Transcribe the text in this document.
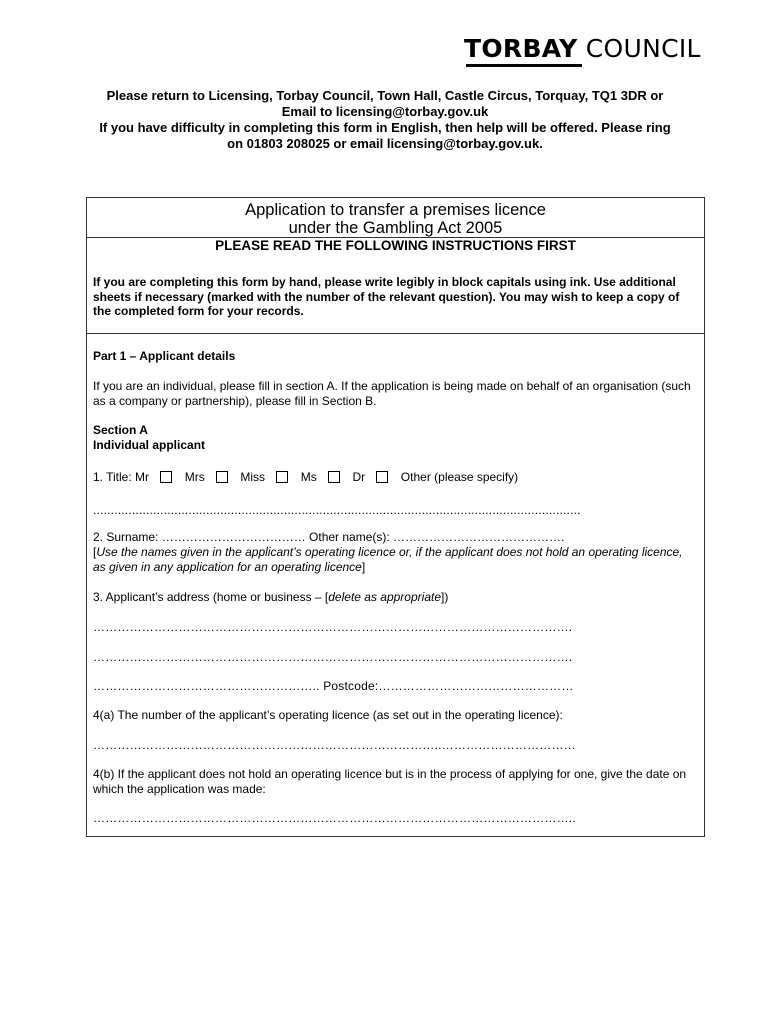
TORBAY COUNCIL
Please return to Licensing, Torbay Council, Town Hall, Castle Circus, Torquay, TQ1 3DR or
Email to licensing@torbay.gov.uk
If you have difficulty in completing this form in English, then help will be offered. Please ring
on 01803 208025 or email licensing@torbay.gov.uk.
Application to transfer a premises licence
under the Gambling Act 2005
PLEASE READ THE FOLLOWING INSTRUCTIONS FIRST
If you are completing this form by hand, please write legibly in block capitals using ink. Use additional sheets if necessary (marked with the number of the relevant question). You may wish to keep a copy of the completed form for your records.
Part 1 – Applicant details
If you are an individual, please fill in section A. If the application is being made on behalf of an organisation (such as a company or partnership), please fill in Section B.
Section A
Individual applicant
1. Title: Mr	Mrs	Miss	Ms	Dr	Other (please specify)
..........................................................................................................................................
2. Surname: ……………………………… Other name(s): …………………………………….
[Use the names given in the applicant’s operating licence or, if the applicant does not hold an operating licence, as given in any application for an operating licence]
3. Applicant’s address (home or business – [delete as appropriate])
……………………………………………………………………………………………………….
……………………………………………………………………………………………………….
……………………………………………….. Postcode:…………………………………………
4(a) The number of the applicant’s operating licence (as set out in the operating licence):
…………………………………………………………………………..……………………………
4(b) If the applicant does not hold an operating licence but is in the process of applying for one, give the date on which the application was made:
………………………………………………………………………………………………………..
